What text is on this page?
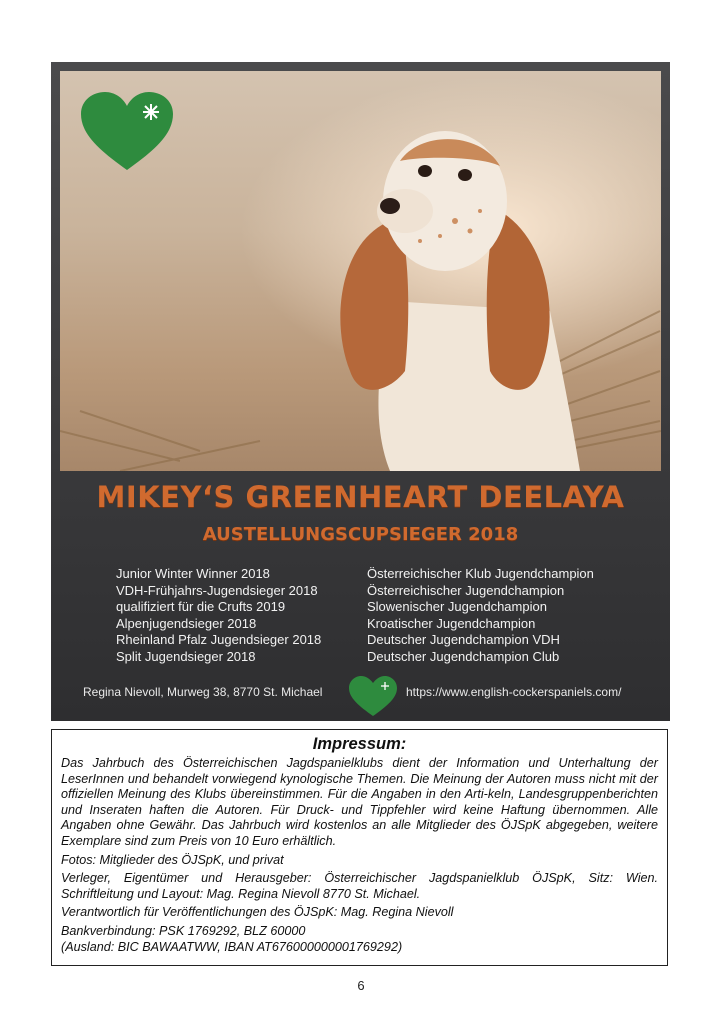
MIKEY‘S GREENHEART DEELAYA
AUSTELLUNGSCUPSIEGER 2018
Junior Winter Winner 2018
VDH-Frühjahrs-Jugendsieger 2018
qualifiziert für die Crufts 2019
Alpenjugendsieger 2018
Rheinland Pfalz Jugendsieger 2018
Split Jugendsieger 2018
Österreichischer Klub Jugendchampion
Österreichischer Jugendchampion
Slowenischer Jugendchampion
Kroatischer Jugendchampion
Deutscher Jugendchampion VDH
Deutscher Jugendchampion Club
Regina Nievoll, Murweg 38, 8770 St. Michael	https://www.english-cockerspaniels.com/
Impressum:

Das Jahrbuch des Österreichischen Jagdspanielklubs dient der Information und Unterhaltung der LeserInnen und behandelt vorwiegend kynologische Themen. Die Meinung der Autoren muss nicht mit der offiziellen Meinung des Klubs übereinstimmen. Für die Angaben in den Arti-keln, Landesgruppenberichten und Inseraten haften die Autoren. Für Druck- und Tippfehler wird keine Haftung übernommen. Alle Angaben ohne Gewähr. Das Jahrbuch wird kostenlos an alle Mitglieder des ÖJSpK abgegeben, weitere Exemplare sind zum Preis von 10 Euro erhältlich.

Fotos: Mitglieder des ÖJSpK, und privat

Verleger, Eigentümer und Herausgeber: Österreichischer Jagdspanielklub ÖJSpK, Sitz: Wien. Schriftleitung und Layout: Mag. Regina Nievoll 8770 St. Michael.

Verantwortlich für Veröffentlichungen des ÖJSpK: Mag. Regina Nievoll

Bankverbindung: PSK 1769292, BLZ 60000
(Ausland: BIC BAWAATWW, IBAN AT676000000001769292)

6
